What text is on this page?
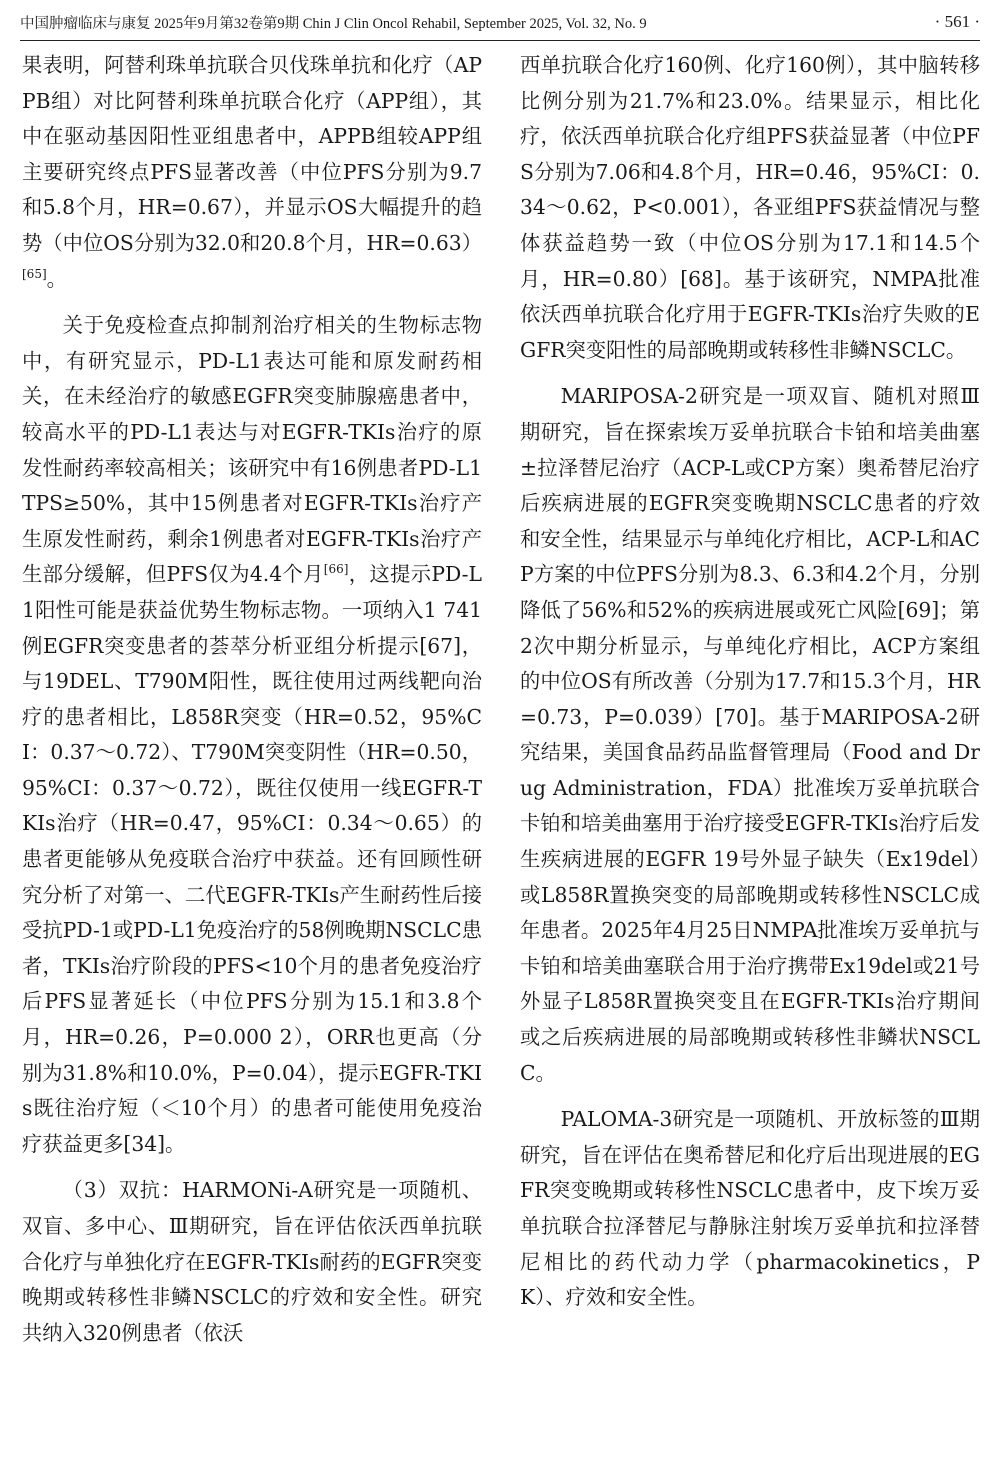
中国肿瘤临床与康复 2025年9月第32卷第9期 Chin J Clin Oncol Rehabil, September 2025, Vol. 32, No. 9	· 561 ·

果表明，阿替利珠单抗联合贝伐珠单抗和化疗（APPB组）对比阿替利珠单抗联合化疗（APP组），其中在驱动基因阳性亚组患者中，APPB组较APP组主要研究终点PFS显著改善（中位PFS分别为9.7和5.8个月，HR=0.67），并显示OS大幅提升的趋势（中位OS分别为32.0和20.8个月，HR=0.63）[65]。

关于免疫检查点抑制剂治疗相关的生物标志物中，有研究显示，PD-L1表达可能和原发耐药相关，在未经治疗的敏感EGFR突变肺腺癌患者中，较高水平的PD-L1表达与对EGFR-TKIs治疗的原发性耐药率较高相关；该研究中有16例患者PD-L1 TPS≥50%，其中15例患者对EGFR-TKIs治疗产生原发性耐药，剩余1例患者对EGFR-TKIs治疗产生部分缓解，但PFS仅为4.4个月[66]，这提示PD-L1阳性可能是获益优势生物标志物。一项纳入1 741例EGFR突变患者的荟萃分析亚组分析提示[67]，与19DEL、T790M阳性，既往使用过两线靶向治疗的患者相比，L858R突变（HR=0.52，95%CI：0.37～0.72）、T790M突变阴性（HR=0.50，95%CI：0.37～0.72），既往仅使用一线EGFR-TKIs治疗（HR=0.47，95%CI：0.34～0.65）的患者更能够从免疫联合治疗中获益。还有回顾性研究分析了对第一、二代EGFR-TKIs产生耐药性后接受抗PD-1或PD-L1免疫治疗的58例晚期NSCLC患者，TKIs治疗阶段的PFS<10个月的患者免疫治疗后PFS显著延长（中位PFS分别为15.1和3.8个月，HR=0.26，P=0.000 2），ORR也更高（分别为31.8%和10.0%，P=0.04），提示EGFR-TKIs既往治疗短（＜10个月）的患者可能使用免疫治疗获益更多[34]。

（3）双抗：HARMONi-A研究是一项随机、双盲、多中心、Ⅲ期研究，旨在评估依沃西单抗联合化疗与单独化疗在EGFR-TKIs耐药的EGFR突变晚期或转移性非鳞NSCLC的疗效和安全性。研究共纳入320例患者（依沃

西单抗联合化疗160例、化疗160例），其中脑转移比例分别为21.7%和23.0%。结果显示，相比化疗，依沃西单抗联合化疗组PFS获益显著（中位PFS分别为7.06和4.8个月，HR=0.46，95%CI：0.34～0.62，P<0.001），各亚组PFS获益情况与整体获益趋势一致（中位OS分别为17.1和14.5个月，HR=0.80）[68]。基于该研究，NMPA批准依沃西单抗联合化疗用于EGFR-TKIs治疗失败的EGFR突变阳性的局部晚期或转移性非鳞NSCLC。

MARIPOSA-2研究是一项双盲、随机对照Ⅲ期研究，旨在探索埃万妥单抗联合卡铂和培美曲塞±拉泽替尼治疗（ACP-L或CP方案）奥希替尼治疗后疾病进展的EGFR突变晚期NSCLC患者的疗效和安全性，结果显示与单纯化疗相比，ACP-L和ACP方案的中位PFS分别为8.3、6.3和4.2个月，分别降低了56%和52%的疾病进展或死亡风险[69]；第2次中期分析显示，与单纯化疗相比，ACP方案组的中位OS有所改善（分别为17.7和15.3个月，HR=0.73，P=0.039）[70]。基于MARIPOSA-2研究结果，美国食品药品监督管理局（Food and Drug Administration，FDA）批准埃万妥单抗联合卡铂和培美曲塞用于治疗接受EGFR-TKIs治疗后发生疾病进展的EGFR 19号外显子缺失（Ex19del）或L858R置换突变的局部晚期或转移性NSCLC成年患者。2025年4月25日NMPA批准埃万妥单抗与卡铂和培美曲塞联合用于治疗携带Ex19del或21号外显子L858R置换突变且在EGFR-TKIs治疗期间或之后疾病进展的局部晚期或转移性非鳞状NSCLC。

PALOMA-3研究是一项随机、开放标签的Ⅲ期研究，旨在评估在奥希替尼和化疗后出现进展的EGFR突变晚期或转移性NSCLC患者中，皮下埃万妥单抗联合拉泽替尼与静脉注射埃万妥单抗和拉泽替尼相比的药代动力学（pharmacokinetics，PK）、疗效和安全性。
